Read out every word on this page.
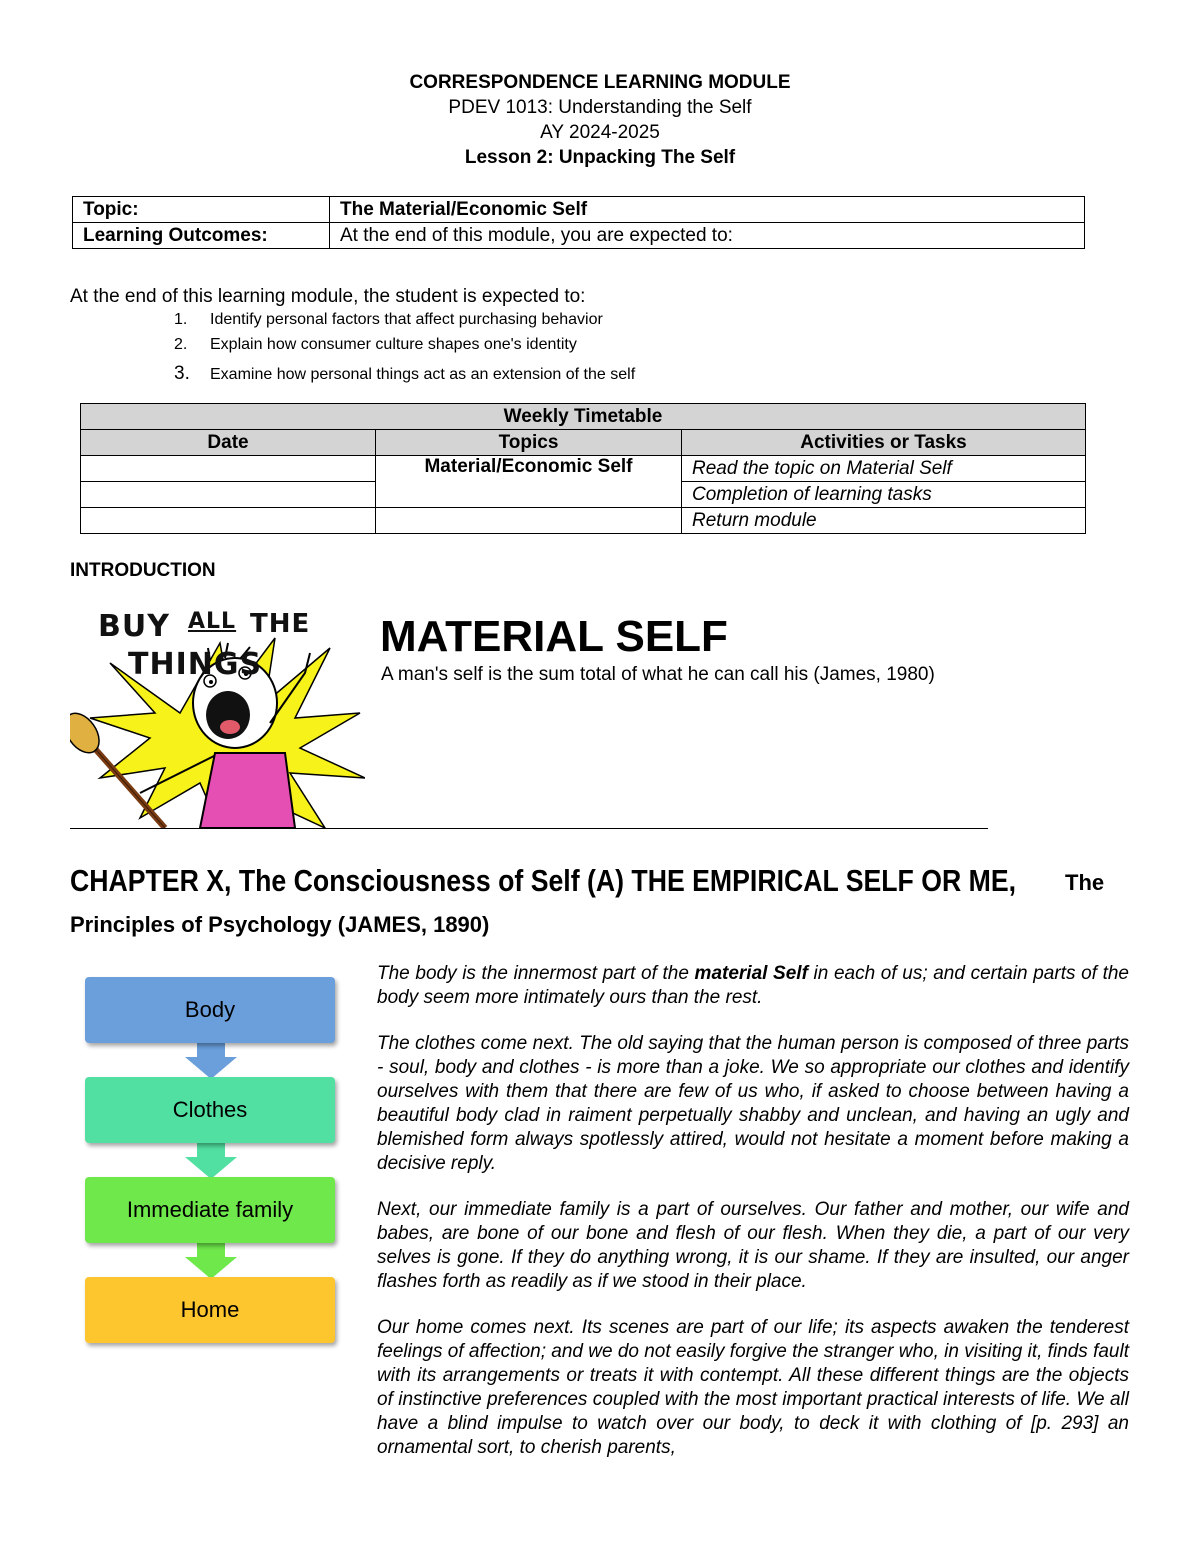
CORRESPONDENCE LEARNING MODULE
PDEV 1013: Understanding the Self
AY 2024-2025
Lesson 2: Unpacking The Self
Topic:	The Material/Economic Self
Learning Outcomes:	At the end of this module, you are expected to:
At the end of this learning module, the student is expected to:
1. Identify personal factors that affect purchasing behavior
2. Explain how consumer culture shapes one's identity
3. Examine how personal things act as an extension of the self
Weekly Timetable		
Date	Topics	Activities or Tasks
	Material/Economic Self	Read the topic on Material Self
		Completion of learning tasks
		Return module
INTRODUCTION
BUY ALL THE
THINGS
MATERIAL SELF
A man's self is the sum total of what he can call his (James, 1980)
CHAPTER X, The Consciousness of Self (A) THE EMPIRICAL SELF OR ME, The
Principles of Psychology (JAMES, 1890)
Body
Clothes
Immediate family
Home

The body is the innermost part of the material Self in each of us; and certain parts of the body seem more intimately ours than the rest.

The clothes come next. The old saying that the human person is composed of three parts - soul, body and clothes - is more than a joke. We so appropriate our clothes and identify ourselves with them that there are few of us who, if asked to choose between having a beautiful body clad in raiment perpetually shabby and unclean, and having an ugly and blemished form always spotlessly attired, would not hesitate a moment before making a decisive reply.

Next, our immediate family is a part of ourselves. Our father and mother, our wife and babes, are bone of our bone and flesh of our flesh. When they die, a part of our very selves is gone. If they do anything wrong, it is our shame. If they are insulted, our anger flashes forth as readily as if we stood in their place.

Our home comes next. Its scenes are part of our life; its aspects awaken the tenderest feelings of affection; and we do not easily forgive the stranger who, in visiting it, finds fault with its arrangements or treats it with contempt. All these different things are the objects of instinctive preferences coupled with the most important practical interests of life. We all have a blind impulse to watch over our body, to deck it with clothing of [p. 293] an ornamental sort, to cherish parents,
